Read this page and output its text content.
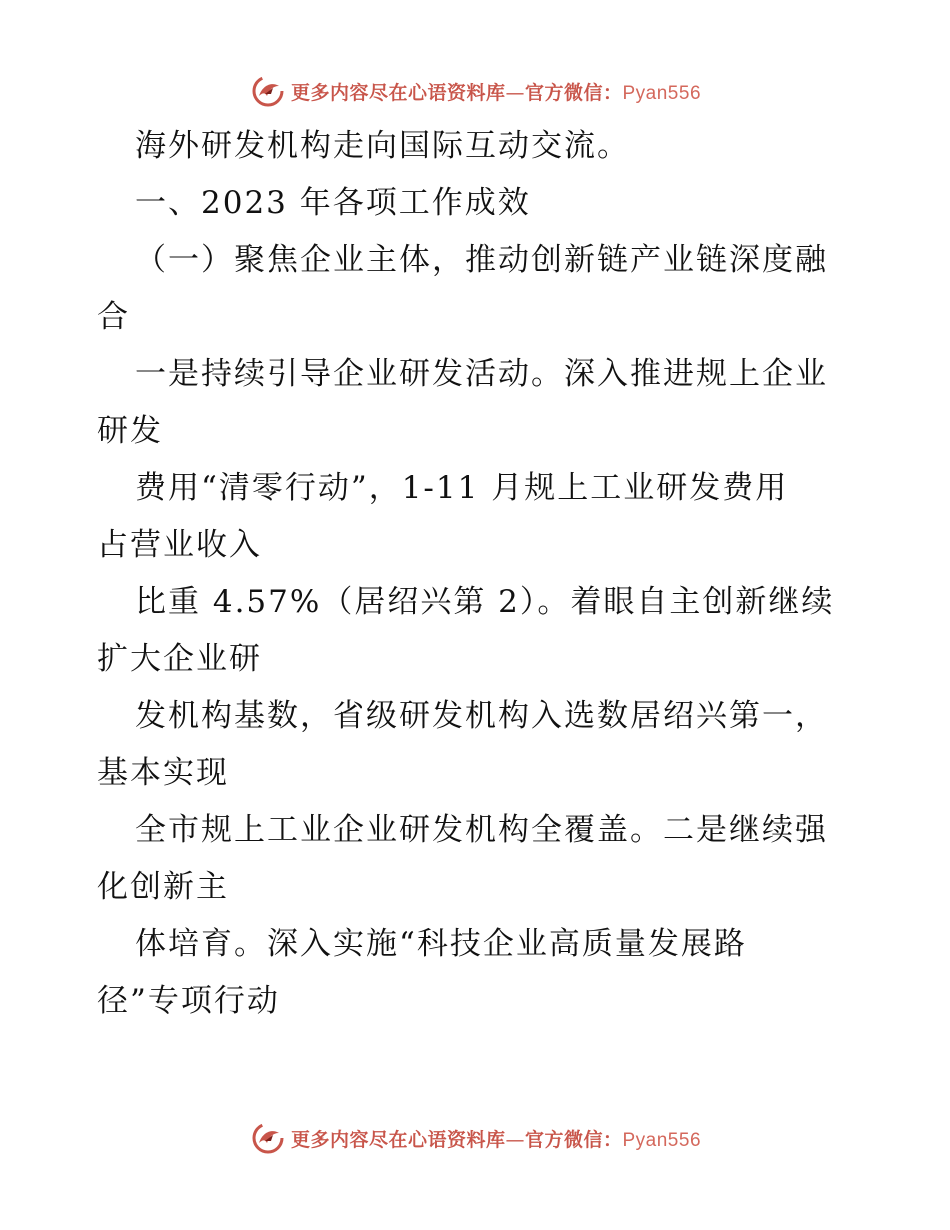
更多内容尽在心语资料库—官方微信：Pyan556
海外研发机构走向国际互动交流。
一、2023 年各项工作成效
（一）聚焦企业主体，推动创新链产业链深度融
合
一是持续引导企业研发活动。深入推进规上企业
研发
费用“清零行动”，1-11 月规上工业研发费用
占营业收入
比重 4.57%（居绍兴第 2）。着眼自主创新继续
扩大企业研
发机构基数，省级研发机构入选数居绍兴第一，
基本实现
全市规上工业企业研发机构全覆盖。二是继续强
化创新主
体培育。深入实施“科技企业高质量发展路
径”专项行动
更多内容尽在心语资料库—官方微信：Pyan556
